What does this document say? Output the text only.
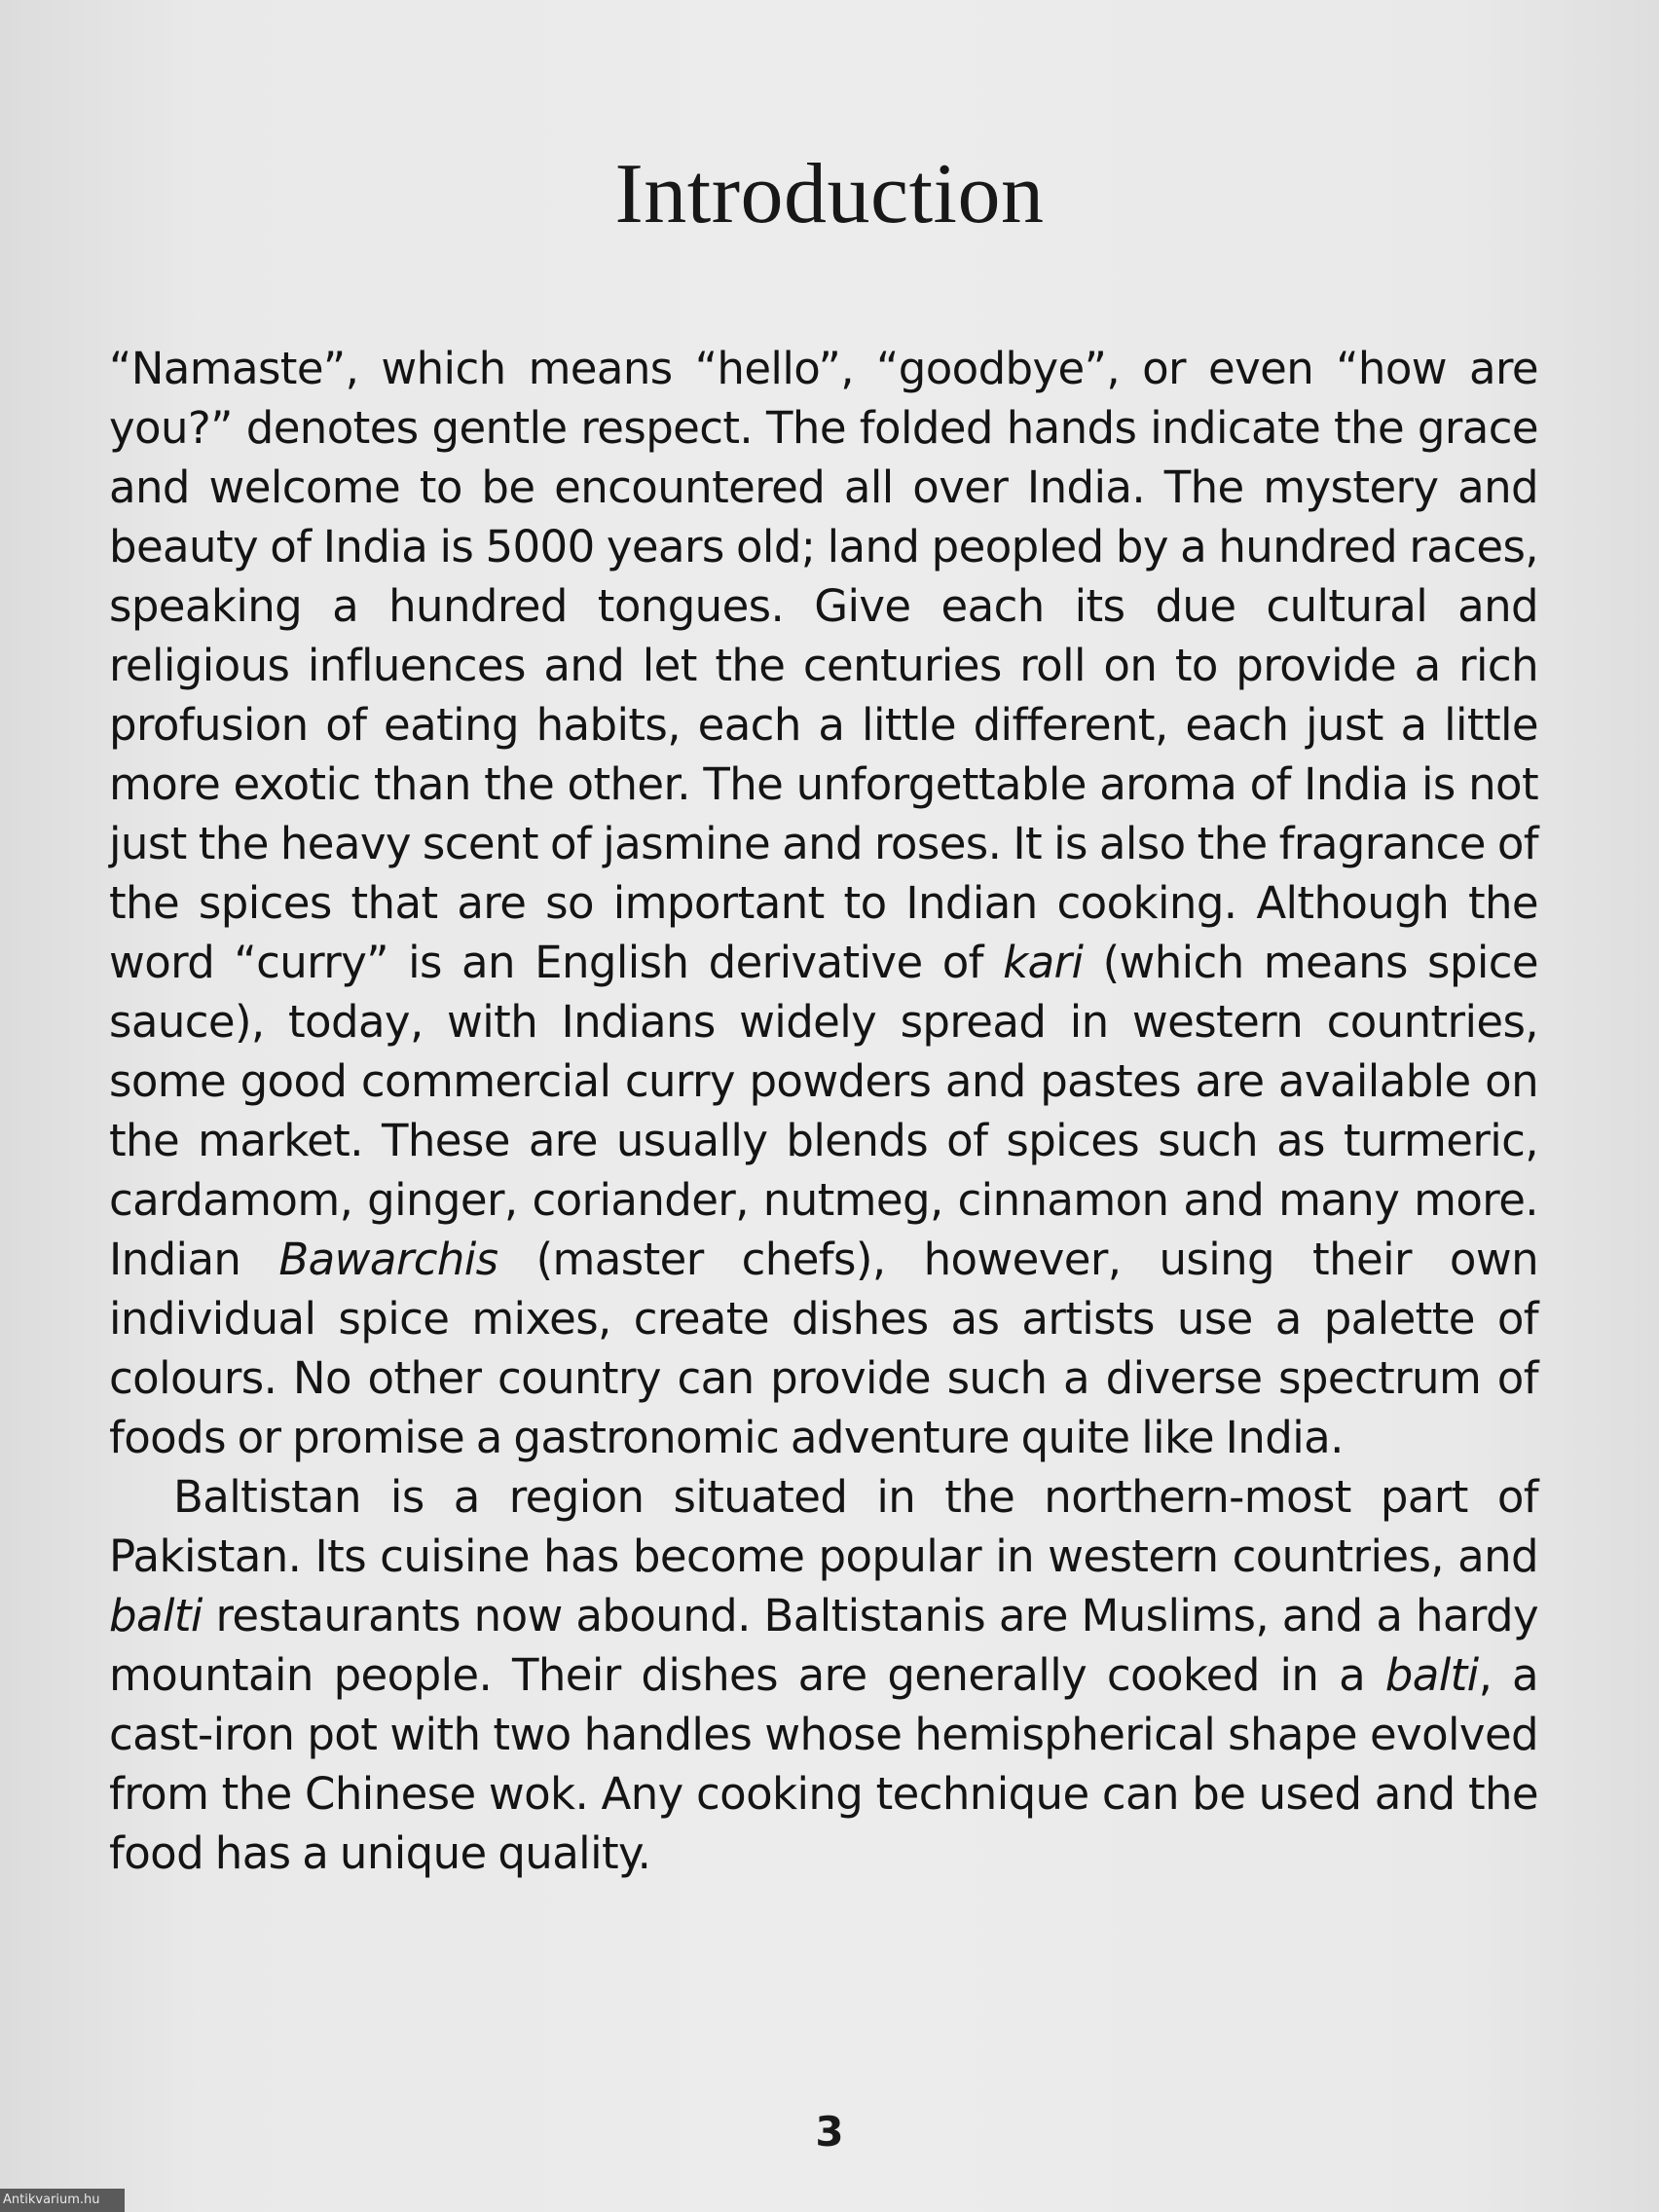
Introduction

“Namaste”, which means “hello”, “goodbye”, or even “how are you?” denotes gentle respect. The folded hands indicate the grace and welcome to be encountered all over India. The mystery and beauty of India is 5000 years old; land peopled by a hundred races, speaking a hundred tongues. Give each its due cultural and religious influences and let the centuries roll on to provide a rich profusion of eating habits, each a little different, each just a little more exotic than the other. The unforgettable aroma of India is not just the heavy scent of jasmine and roses. It is also the fragrance of the spices that are so important to Indian cooking. Although the word “curry” is an English derivative of kari (which means spice sauce), today, with Indians widely spread in western countries, some good commercial curry powders and pastes are available on the market. These are usually blends of spices such as turmeric, cardamom, ginger, coriander, nutmeg, cinnamon and many more. Indian Bawarchis (master chefs), however, using their own individual spice mixes, create dishes as artists use a palette of colours. No other country can provide such a diverse spectrum of foods or promise a gastronomic adventure quite like India.

Baltistan is a region situated in the northern-most part of Pakistan. Its cuisine has become popular in western countries, and balti restaurants now abound. Baltistanis are Muslims, and a hardy mountain people. Their dishes are generally cooked in a balti, a cast-iron pot with two handles whose hemispherical shape evolved from the Chinese wok. Any cooking technique can be used and the food has a unique quality.

3
Antikvarium.hu
